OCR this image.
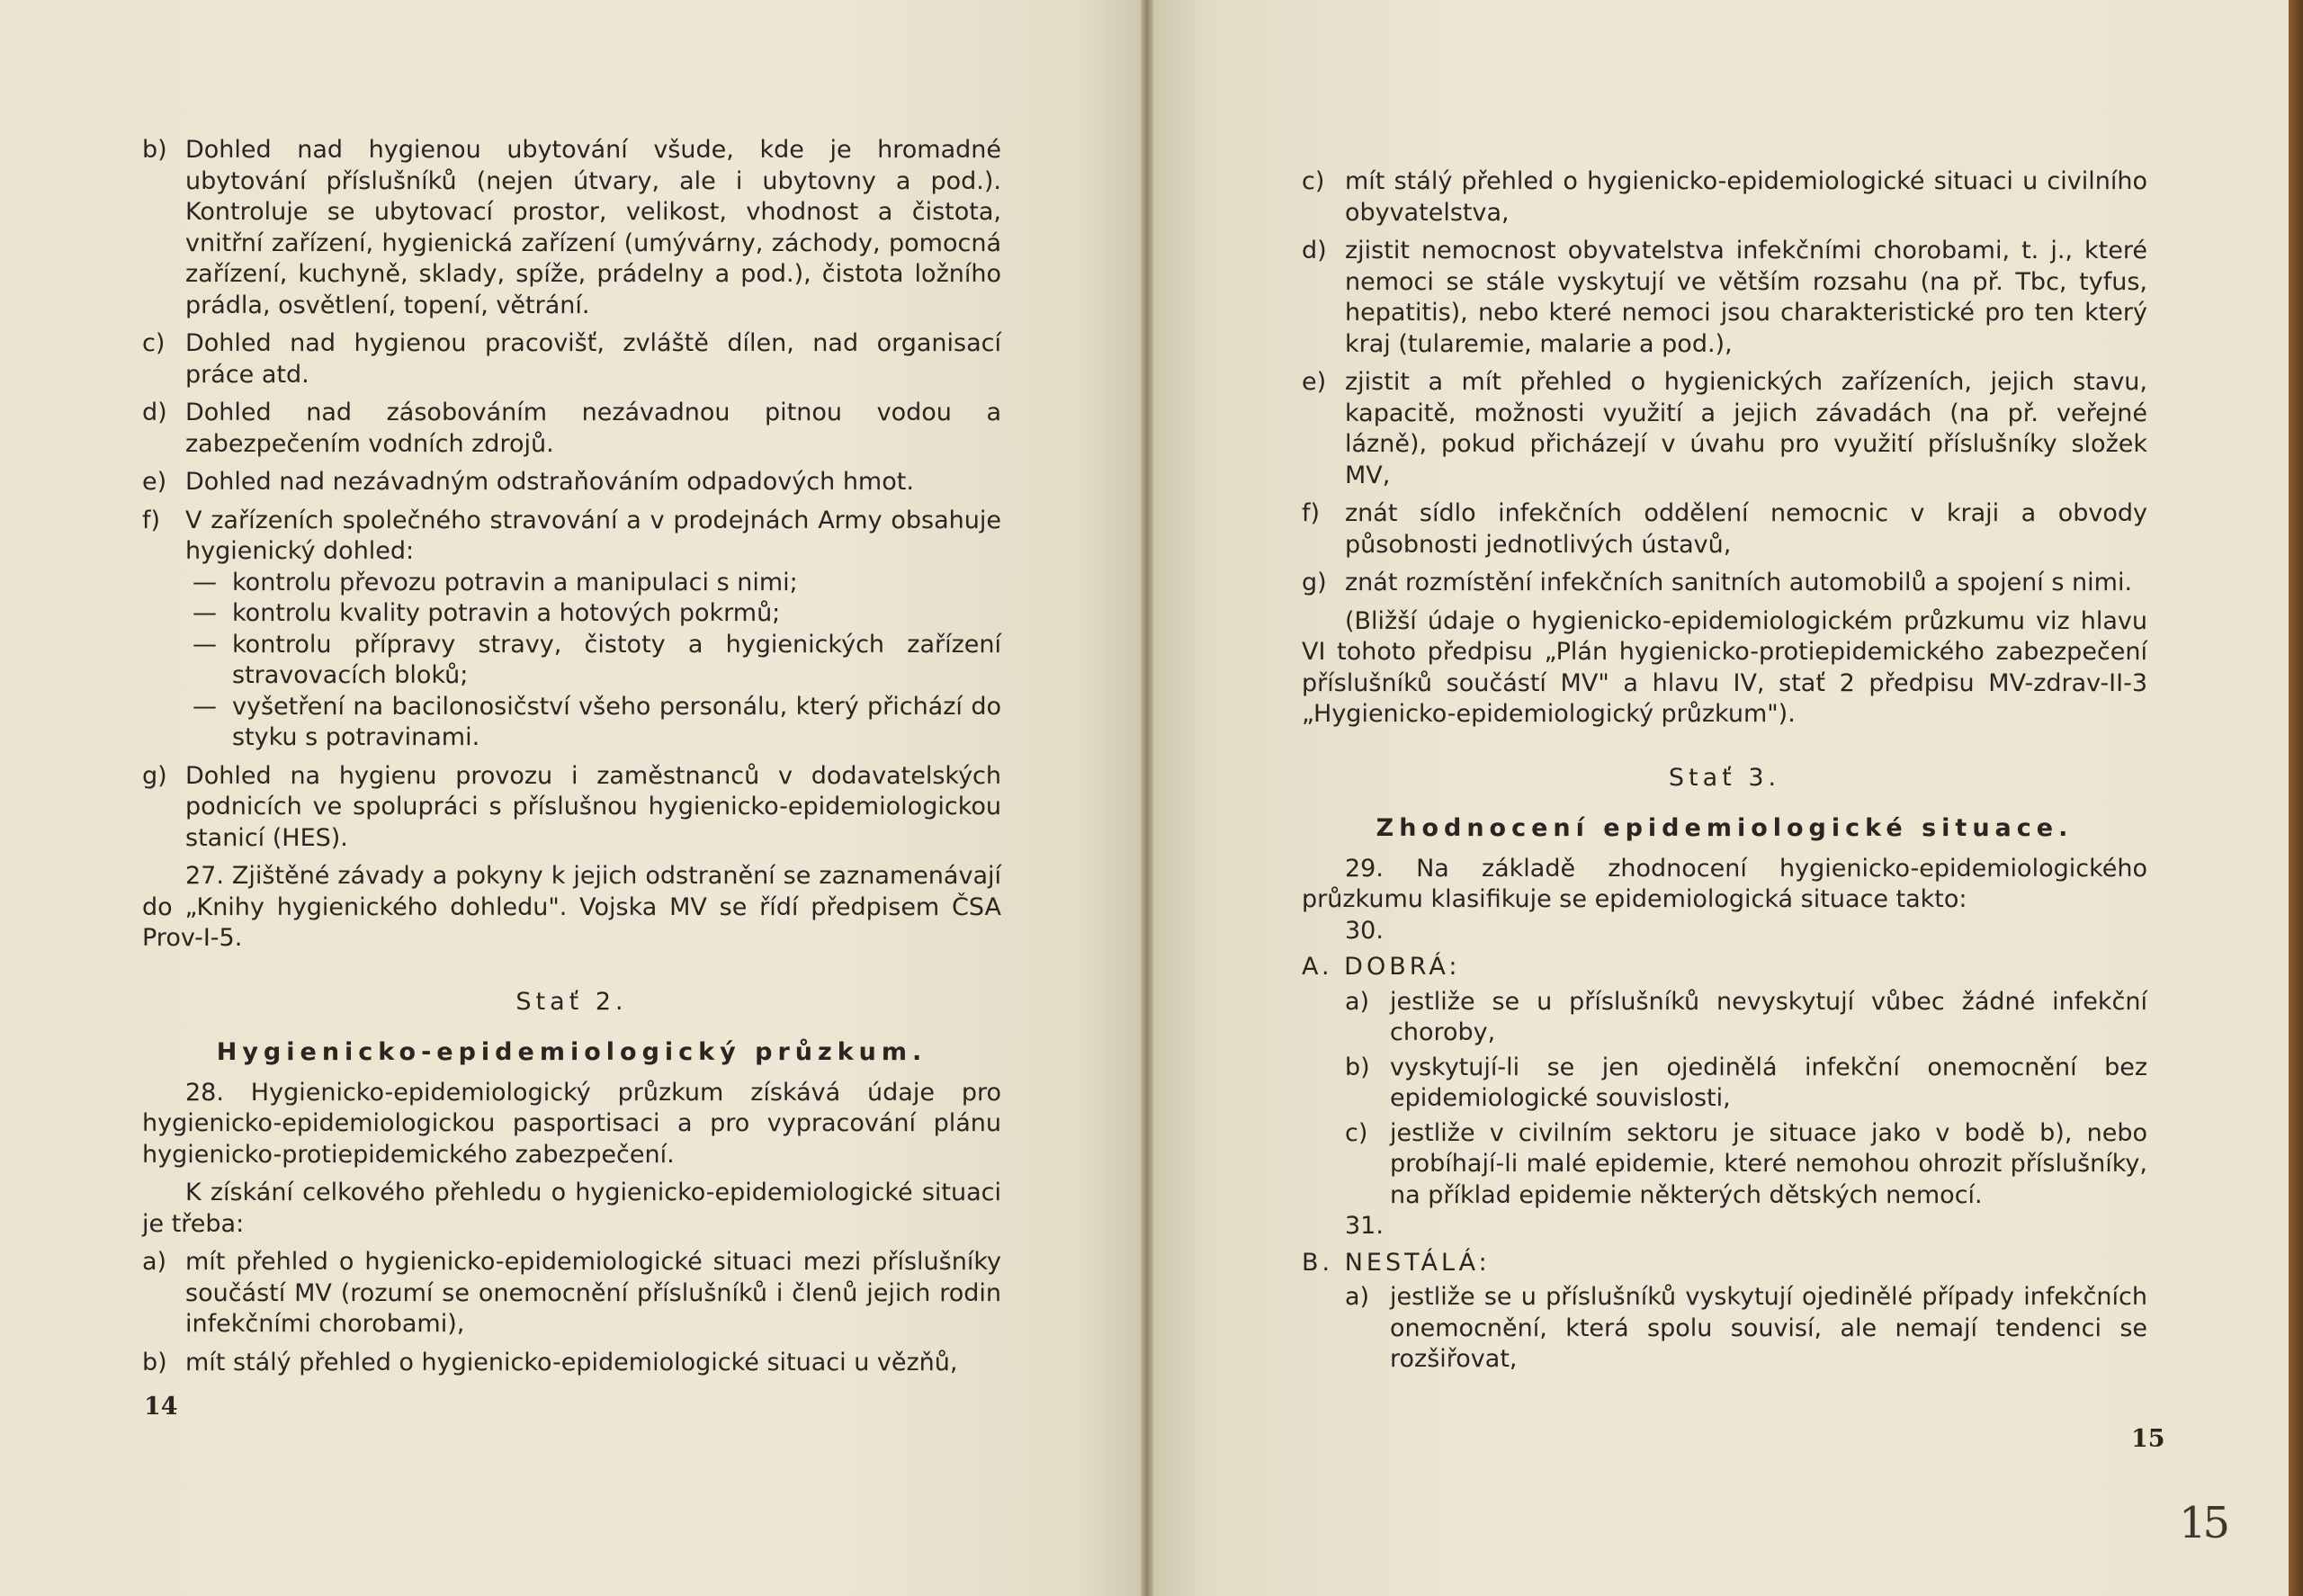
b) Dohled nad hygienou ubytování všude, kde je hromadné ubytování příslušníků (nejen útvary, ale i ubytovny a pod.). Kontroluje se ubytovací prostor, velikost, vhodnost a čistota, vnitřní zařízení, hygienická zařízení (umývárny, záchody, pomocná zařízení, kuchyně, sklady, spíže, prádelny a pod.), čistota ložního prádla, osvětlení, topení, větrání.
c) Dohled nad hygienou pracovišť, zvláště dílen, nad organisací práce atd.
d) Dohled nad zásobováním nezávadnou pitnou vodou a zabezpečením vodních zdrojů.
e) Dohled nad nezávadným odstraňováním odpadových hmot.
f) V zařízeních společného stravování a v prodejnách Army obsahuje hygienický dohled:
— kontrolu převozu potravin a manipulaci s nimi;
— kontrolu kvality potravin a hotových pokrmů;
— kontrolu přípravy stravy, čistoty a hygienických zařízení stravovacích bloků;
— vyšetření na bacilonosičství všeho personálu, který přichází do styku s potravinami.
g) Dohled na hygienu provozu i zaměstnanců v dodavatelských podnicích ve spolupráci s příslušnou hygienicko-epidemiologickou stanicí (HES).
27. Zjištěné závady a pokyny k jejich odstranění se zaznamenávají do „Knihy hygienického dohledu". Vojska MV se řídí předpisem ČSA Prov-I-5.
Stať 2.
Hygienicko-epidemiologický průzkum.
28. Hygienicko-epidemiologický průzkum získává údaje pro hygienicko-epidemiologickou pasportisaci a pro vypracování plánu hygienicko-protiepidemického zabezpečení.
K získání celkového přehledu o hygienicko-epidemiologické situaci je třeba:
a) mít přehled o hygienicko-epidemiologické situaci mezi příslušníky součástí MV (rozumí se onemocnění příslušníků i členů jejich rodin infekčními chorobami),
b) mít stálý přehled o hygienicko-epidemiologické situaci u vězňů,
14
c) mít stálý přehled o hygienicko-epidemiologické situaci u civilního obyvatelstva,
d) zjistit nemocnost obyvatelstva infekčními chorobami, t. j., které nemoci se stále vyskytují ve větším rozsahu (na př. Tbc, tyfus, hepatitis), nebo které nemoci jsou charakteristické pro ten který kraj (tularemie, malarie a pod.),
e) zjistit a mít přehled o hygienických zařízeních, jejich stavu, kapacitě, možnosti využití a jejich závadách (na př. veřejné lázně), pokud přicházejí v úvahu pro využití příslušníky složek MV,
f) znát sídlo infekčních oddělení nemocnic v kraji a obvody působnosti jednotlivých ústavů,
g) znát rozmístění infekčních sanitních automobilů a spojení s nimi.
(Bližší údaje o hygienicko-epidemiologickém průzkumu viz hlavu VI tohoto předpisu „Plán hygienicko-protiepidemického zabezpečení příslušníků součástí MV" a hlavu IV, stať 2 předpisu MV-zdrav-II-3 „Hygienicko-epidemiologický průzkum").
Stať 3.
Zhodnocení epidemiologické situace.
29. Na základě zhodnocení hygienicko-epidemiologického průzkumu klasifikuje se epidemiologická situace takto:
30.
A. DOBRÁ:
a) jestliže se u příslušníků nevyskytují vůbec žádné infekční choroby,
b) vyskytují-li se jen ojedinělá infekční onemocnění bez epidemiologické souvislosti,
c) jestliže v civilním sektoru je situace jako v bodě b), nebo probíhají-li malé epidemie, které nemohou ohrozit příslušníky, na příklad epidemie některých dětských nemocí.
31.
B. NESTÁLÁ:
a) jestliže se u příslušníků vyskytují ojedinělé případy infekčních onemocnění, která spolu souvisí, ale nemají tendenci se rozšiřovat,
15
15
